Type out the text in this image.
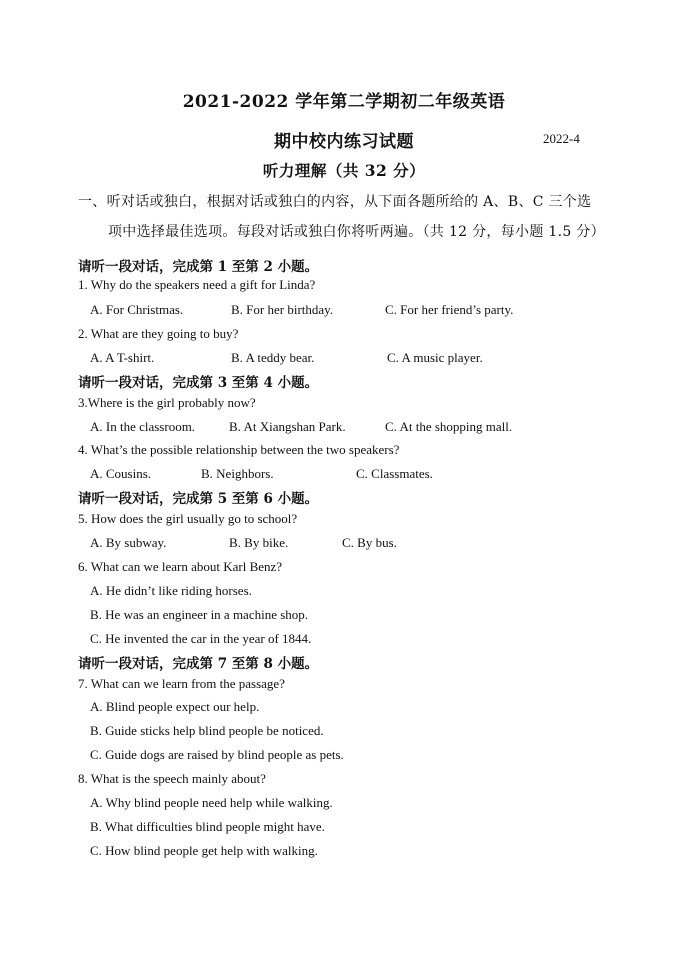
2021-2022 学年第二学期初二年级英语
期中校内练习试题	2022-4
听力理解（共 32 分）
一、听对话或独白，根据对话或独白的内容，从下面各题所给的 A、B、C 三个选
项中选择最佳选项。每段对话或独白你将听两遍。（共 12 分，每小题 1.5 分）
请听一段对话，完成第 1 至第 2 小题。
1. Why do the speakers need a gift for Linda?
A. For Christmas.	B. For her birthday.	C. For her friend’s party.
2. What are they going to buy?
A. A T-shirt.	B. A teddy bear.	C. A music player.
请听一段对话，完成第 3 至第 4 小题。
3.Where is the girl probably now?
A. In the classroom.	B. At Xiangshan Park.	C. At the shopping mall.
4. What’s the possible relationship between the two speakers?
A. Cousins.	B. Neighbors.	C. Classmates.
请听一段对话，完成第 5 至第 6 小题。
5. How does the girl usually go to school?
A. By subway.	B. By bike.	C. By bus.
6. What can we learn about Karl Benz?
A. He didn’t like riding horses.
B. He was an engineer in a machine shop.
C. He invented the car in the year of 1844.
请听一段对话，完成第 7 至第 8 小题。
7. What can we learn from the passage?
A. Blind people expect our help.
B. Guide sticks help blind people be noticed.
C. Guide dogs are raised by blind people as pets.
8. What is the speech mainly about?
A. Why blind people need help while walking.
B. What difficulties blind people might have.
C. How blind people get help with walking.
